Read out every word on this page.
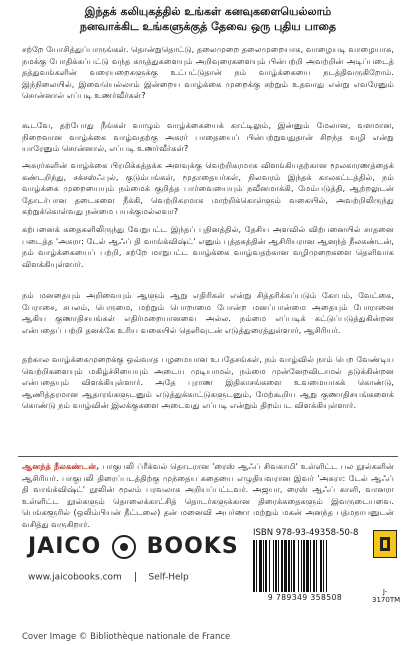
இந்தக் கலியுகத்தில் உங்கள் கனவுகளையெல்லாம்
நனவாக்கிட உங்களுக்குத் தேவை ஒரு புதிய பாதை

சற்றே யோசித்துப்பாருங்கள். தொன்றுதொட்டு, தலைமுறை தலைமுறையாக, வாழையடி வாழையாக, நமக்கு போதிக்கப்பட்டு வந்த கருத்துகளையும் அறிவுரைகளையும் பின்பற்றி அவற்றின் அடிப்படைத் தத்துவங்களின் வரையறைகளுக்கு உட்பட்டுதான் நம் வாழ்க்கையை நடத்திவருகிறோம். இந்நிலையில், இவையெல்லாம் இன்றைய வாழ்க்கை முறைக்கு சற்றும் உதவாது என்று எவரேனும் சொன்னால் எப்படி உணர்வீர்கள்?

கூடவே, தற்போது நீங்கள் வாழும் வாழ்க்கையைக் காட்டிலும், இன்னும் மேலான, வளமான, நிறைவான வாழ்க்கை வாழ்வதற்கு அசுரர் பாதையைப் பின்பற்றுவதுதான் சிறந்த வழி என்று யாரேனும் சொன்னால், எப்படி உணர்வீர்கள்?

அசுரர்களின் வாழ்க்கை பிரமிக்கத்தக்க அளவுக்கு வெற்றிகரமாக விளங்கியதற்கான மூலகாரணத்தைக் கண்டறிந்து, சக்சஸ்ஃபுல், குடும்பங்கள், மூதாதையர்கள், நிலவரம் இந்தக் காலகட்டத்தில், நம் வாழ்க்கை முறையையும் நம்மைக் குறித்த பார்வையையும் நவீனமாக்கி, மேம்படுத்தி, ஆற்றலுடன் தோடர்பான தடைகளை நீக்கி, வெற்றிகரமாக மாற்றிக்கொள்ளும் வகையில், அவற்றிலிருந்து கற்றுக்கொள்வது நன்மை பயக்குமல்லவா?

கற்பனைக் கதைகளிலிருந்து வேறுபட்ட இந்தப் புதினத்தில், தேசிய அளவில் விற்பனையில் சாதனை படைத்த 'அசுரா: டேல் ஆஃப் தி வாங்க்விஷ்ட்' எனும் புத்தகத்தின் ஆசிரியரான ஆனந்த் நீலகண்டன், நம் வாழ்க்கையைப் பற்றி, சற்றே மாறுபட்ட வாழ்க்கை வாழ்வதற்கான வழிமுறைகளை தெளிவாக விளக்கியுள்ளார்.

நம் மனதையும் அறிவையும் ஆளும் ஆறு எதிரிகள் என்று சித்தரிக்கப்படும் கோபம், வேட்கை, பேராசை, சபலம், பெருமை, மற்றும் பொறாமை போன்ற மனப்பான்மை அதையும் போரானை ஆகிய குணாதிசயங்கள் எதிர்மறையானவை அல்ல. நம்மை எப்படிக் கட்டுப்படுத்துகின்றன என்பதைப் பற்றி தனக்கே உரிய வகையில் தெளிவுடன் எடுத்துரைத்துள்ளார், ஆசிரியர்.

தற்கால வாழ்க்கைமுறைக்கு ஒவ்வாத பழமையான உபதேசங்கள், நம் வாழ்வில் நாம் பெற வேண்டிய வெற்றிகளையும் மகிழ்ச்சியையும் அடைய முடியாமல், நம்மை முன்னேறவிடாமல் தடுக்கின்றன என்பதையும் விளக்கியுள்ளார். அதே புராண இதிகாசங்களை உவமையாகக் கொண்டு, ஆணித்தரமான ஆதாரங்களுடனும் எடுத்துக்காட்டுகளுடனும், மேற்கூறிய ஆறு குணாதிசயங்களைக் கொண்டு நம் வாழ்வின் இலக்குகளை அடைவது எப்படி என்றும் திறம்பட விளக்கியுள்ளார்.

ஆனந்த் நீலகண்டன், பாகுபலி ப்ரீக்வல் தொடரான 'ரைஸ் ஆஃப் சிவகாமி' உள்ளிட்ட பல நூல்களின் ஆசிரியர். பாகுபலி திரைப்படத்திற்கு முந்தைய கதையை எழுதியவரான இவர் 'அசுரா: டேல் ஆஃப் தி வாங்க்விஷ்ட்' நூலின் மூலம் பரவலாக அறியப்பட்டவர். அஜயா, ரைஸ் ஆஃப் காளி, வானரா உள்ளிட்ட நூல்களும் தொலைக்காட்சித் தொடர்களுக்கான திரைக்கதைகளும் இவருடையவை. பெங்களூரில் (ஒலிம்பியன் நீட்டலை) தன் மனைவி அபர்ணா மற்றும் மகன் அனந்த பத்மநாபனுடன் வசித்து வருகிறார்.

JAICO BOOKS
www.jaicobooks.com	Self-Help
ISBN 978-93-49358-50-8
9 789349 358508
J-3170TM
Cover Image © Bibliothèque nationale de France
